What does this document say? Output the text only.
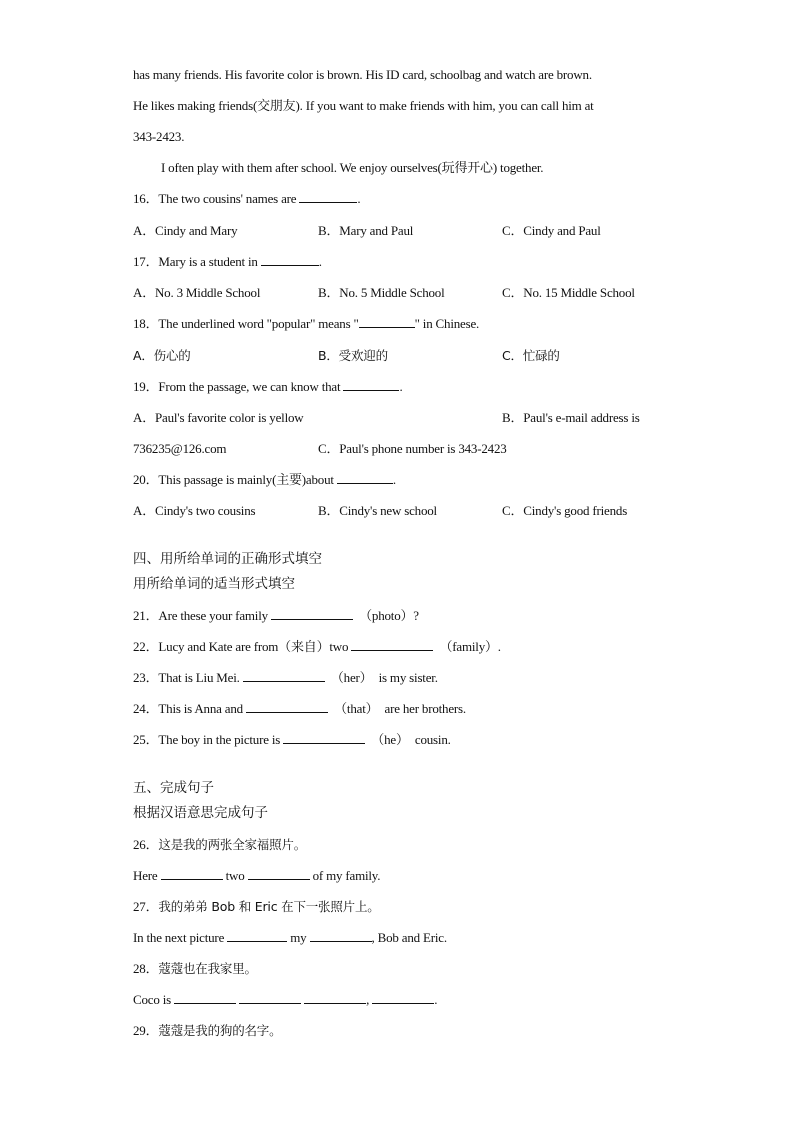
has many friends. His favorite color is brown. His ID card, schoolbag and watch are brown.
He likes making friends(交朋友). If you want to make friends with him, you can call him at
343-2423.
I often play with them after school. We enjoy ourselves(玩得开心) together.
16．The two cousins' names are	.
A．Cindy and Mary	B．Mary and Paul	C．Cindy and Paul
17．Mary is a student in	.
A．No. 3 Middle School	B．No. 5 Middle School	C．No. 15 Middle School
18．The underlined word "popular" means "	" in Chinese.
A．伤心的	B．受欢迎的	C．忙碌的
19．From the passage, we can know that	.
A．Paul's favorite color is yellow	B．Paul's e-mail address is
736235@126.com	C．Paul's phone number is 343-2423
20．This passage is mainly(主要)about	.
A．Cindy's two cousins	B．Cindy's new school	C．Cindy's good friends
四、用所给单词的正确形式填空
用所给单词的适当形式填空
21．Are these your family	（photo）?
22．Lucy and Kate are from（来自）two	（family）.
23．That is Liu Mei.	（her） is my sister.
24．This is Anna and	（that） are her brothers.
25．The boy in the picture is	（he） cousin.
五、完成句子
根据汉语意思完成句子
26．这是我的两张全家福照片。
Here	two	of my family.
27．我的弟弟 Bob 和 Eric 在下一张照片上。
In the next picture	my	, Bob and Eric.
28．蔻蔻也在我家里。
Coco is	,	.
29．蔻蔻是我的狗的名字。
